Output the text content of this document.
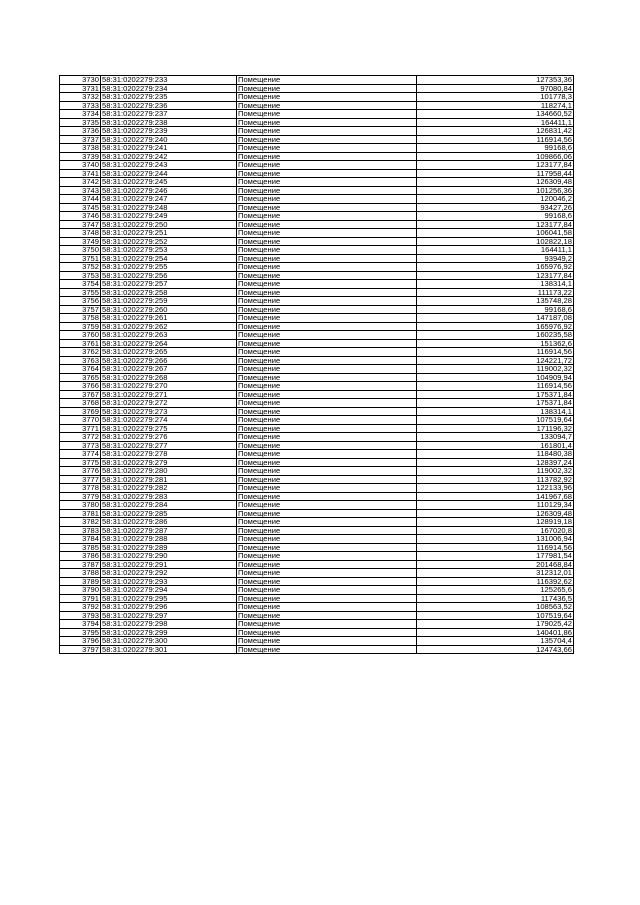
3730	58:31:0202279:233	Помещение	127353,36
3731	58:31:0202279:234	Помещение	97080,84
3732	58:31:0202279:235	Помещение	101778,3
3733	58:31:0202279:236	Помещение	118274,1
3734	58:31:0202279:237	Помещение	134660,52
3735	58:31:0202279:238	Помещение	164411,1
3736	58:31:0202279:239	Помещение	126831,42
3737	58:31:0202279:240	Помещение	116914,56
3738	58:31:0202279:241	Помещение	99168,6
3739	58:31:0202279:242	Помещение	109866,06
3740	58:31:0202279:243	Помещение	123177,84
3741	58:31:0202279:244	Помещение	117958,44
3742	58:31:0202279:245	Помещение	126309,48
3743	58:31:0202279:246	Помещение	101256,36
3744	58:31:0202279:247	Помещение	120046,2
3745	58:31:0202279:248	Помещение	93427,26
3746	58:31:0202279:249	Помещение	99168,6
3747	58:31:0202279:250	Помещение	123177,84
3748	58:31:0202279:251	Помещение	106041,58
3749	58:31:0202279:252	Помещение	102822,18
3750	58:31:0202279:253	Помещение	164411,1
3751	58:31:0202279:254	Помещение	93949,2
3752	58:31:0202279:255	Помещение	165976,92
3753	58:31:0202279:256	Помещение	123177,84
3754	58:31:0202279:257	Помещение	138314,1
3755	58:31:0202279:258	Помещение	111173,22
3756	58:31:0202279:259	Помещение	135748,28
3757	58:31:0202279:260	Помещение	99168,6
3758	58:31:0202279:261	Помещение	147187,08
3759	58:31:0202279:262	Помещение	165976,92
3760	58:31:0202279:263	Помещение	160235,58
3761	58:31:0202279:264	Помещение	151362,6
3762	58:31:0202279:265	Помещение	116914,56
3763	58:31:0202279:266	Помещение	124221,72
3764	58:31:0202279:267	Помещение	119002,32
3765	58:31:0202279:268	Помещение	104909,94
3766	58:31:0202279:270	Помещение	116914,56
3767	58:31:0202279:271	Помещение	175371,84
3768	58:31:0202279:272	Помещение	175371,84
3769	58:31:0202279:273	Помещение	138314,1
3770	58:31:0202279:274	Помещение	107519,64
3771	58:31:0202279:275	Помещение	171196,32
3772	58:31:0202279:276	Помещение	133094,7
3773	58:31:0202279:277	Помещение	161801,4
3774	58:31:0202279:278	Помещение	118480,38
3775	58:31:0202279:279	Помещение	128397,24
3776	58:31:0202279:280	Помещение	119002,32
3777	58:31:0202279:281	Помещение	113782,92
3778	58:31:0202279:282	Помещение	122133,96
3779	58:31:0202279:283	Помещение	141967,68
3780	58:31:0202279:284	Помещение	110129,34
3781	58:31:0202279:285	Помещение	126309,48
3782	58:31:0202279:286	Помещение	128919,18
3783	58:31:0202279:287	Помещение	167020,8
3784	58:31:0202279:288	Помещение	131006,94
3785	58:31:0202279:289	Помещение	116914,56
3786	58:31:0202279:290	Помещение	177981,54
3787	58:31:0202279:291	Помещение	201468,84
3788	58:31:0202279:292	Помещение	312312,01
3789	58:31:0202279:293	Помещение	116392,62
3790	58:31:0202279:294	Помещение	125265,6
3791	58:31:0202279:295	Помещение	117436,5
3792	58:31:0202279:296	Помещение	108563,52
3793	58:31:0202279:297	Помещение	107519,64
3794	58:31:0202279:298	Помещение	179025,42
3795	58:31:0202279:299	Помещение	140401,86
3796	58:31:0202279:300	Помещение	135704,4
3797	58:31:0202279:301	Помещение	124743,66
